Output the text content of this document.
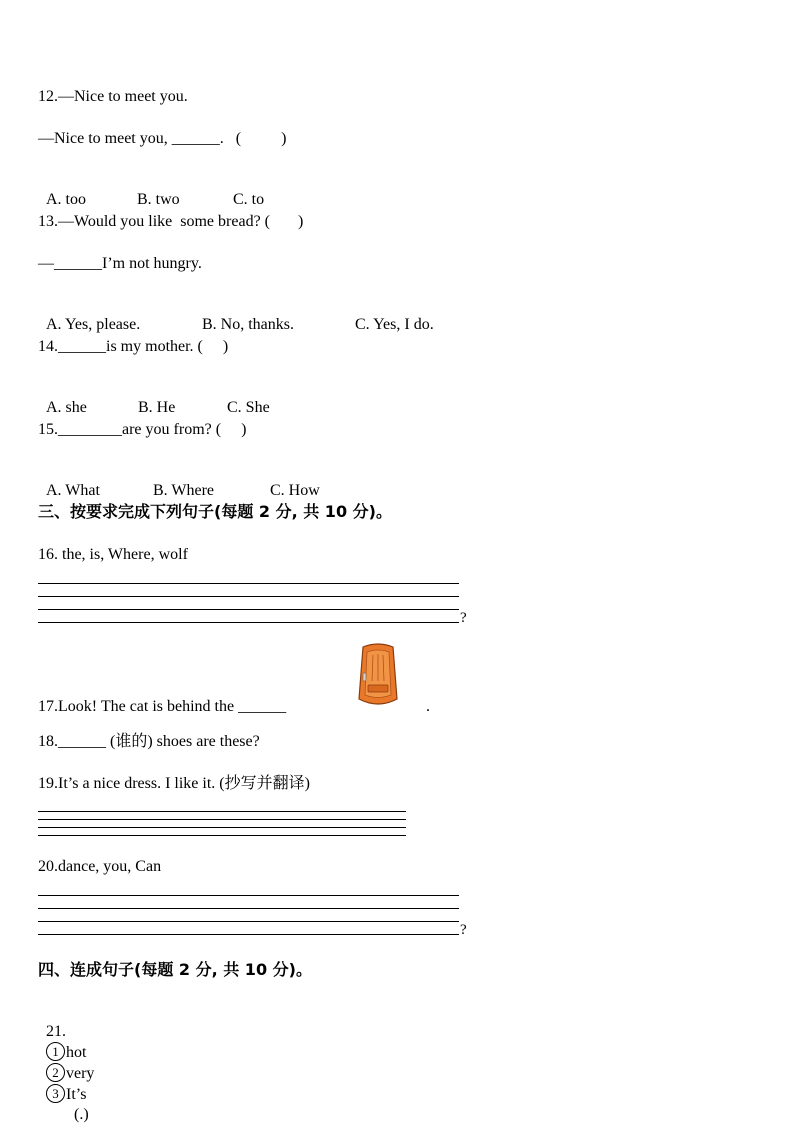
12.—Nice to meet you.
—Nice to meet you, ______.   (          )

A. too	B. two	C. to

13.—Would you like  some bread? (       )
—______I’m not hungry.

A. Yes, please.	B. No, thanks.	C. Yes, I do.

14.______is my mother. (     )

A. she	B. He	C. She

15.________are you from? (     )

A. What	B. Where	C. How

三、按要求完成下列句子(每题 2 分, 共 10 分)。
16. the, is, Where, wolf
?
17.Look! The cat is behind the ______	.
18.______ (谁的) shoes are these?
19.It’s a nice dress. I like it. (抄写并翻译)
20.dance, you, Can
?
四、连成句子(每题 2 分, 共 10 分)。

21.
1 hot
2 very
3 It’s
(.)
